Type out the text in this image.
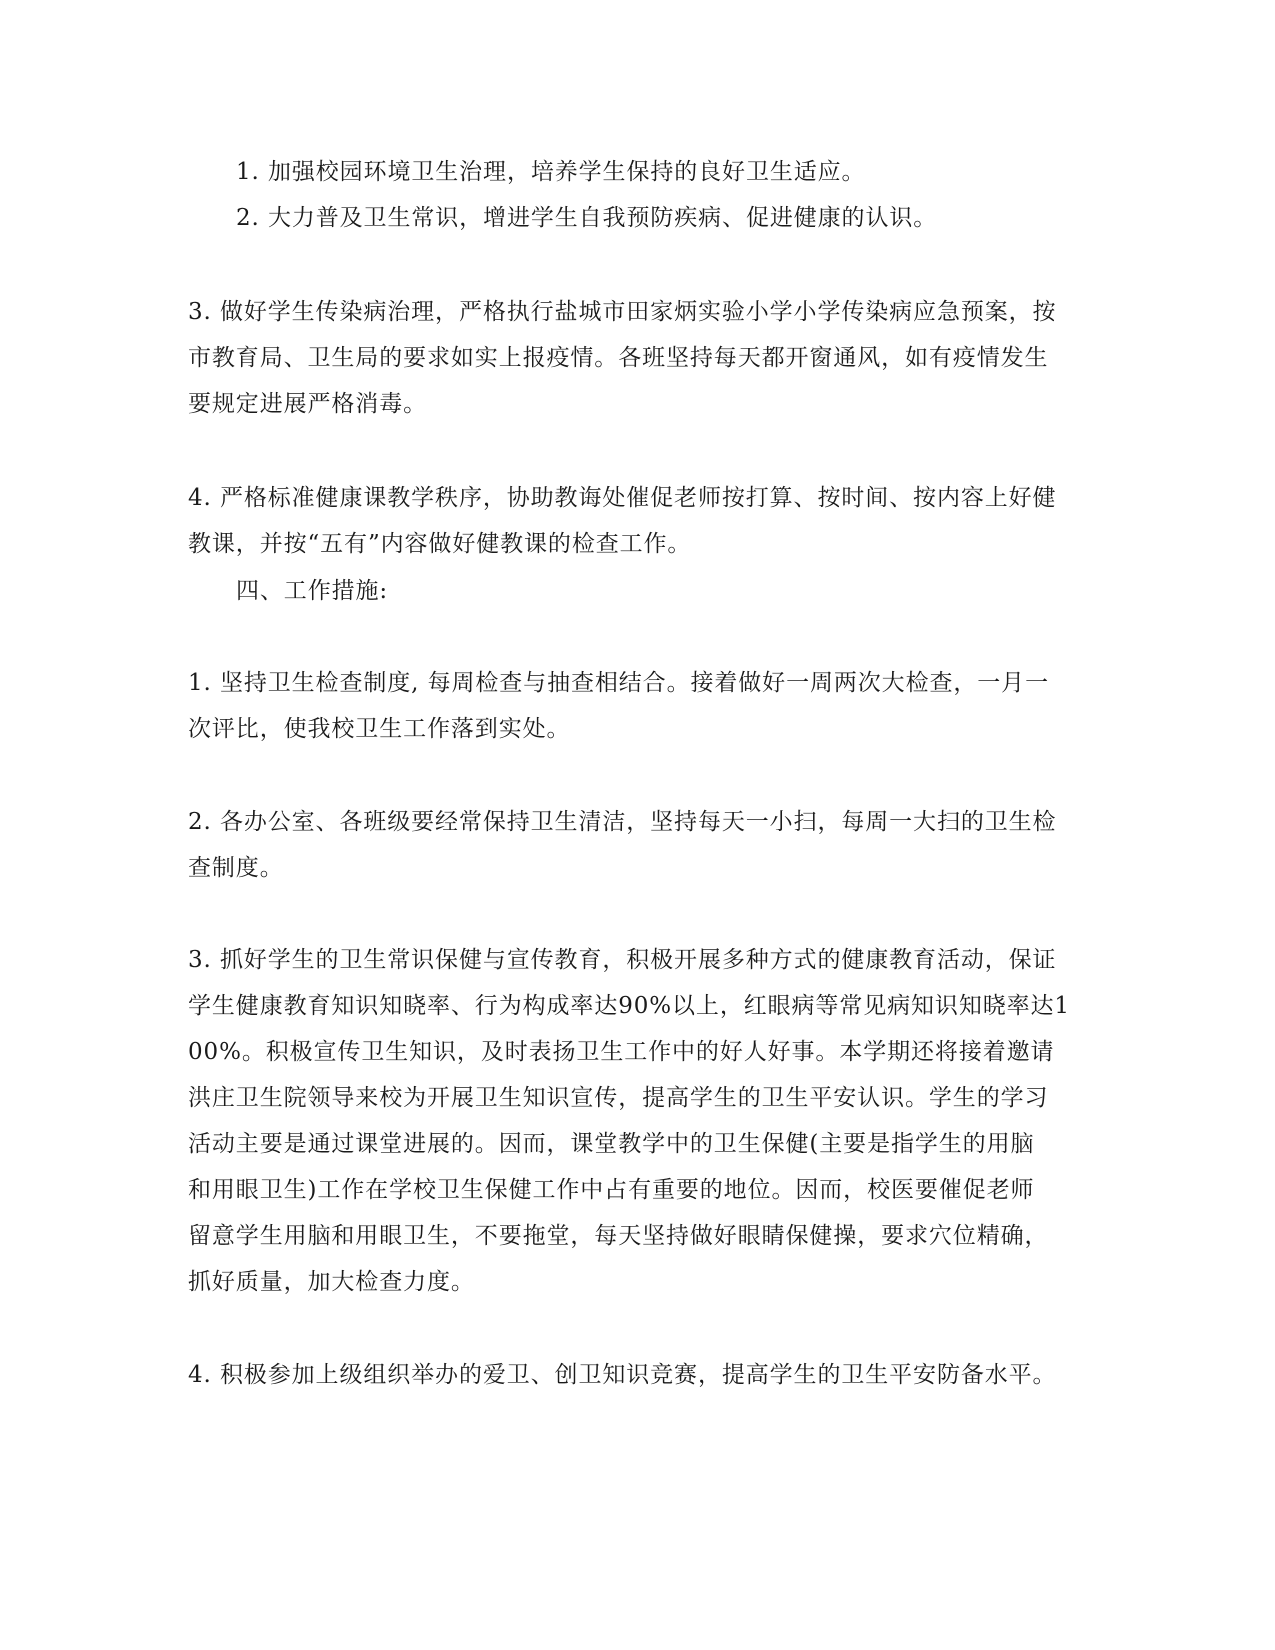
1. 加强校园环境卫生治理，培养学生保持的良好卫生适应。
2. 大力普及卫生常识，增进学生自我预防疾病、促进健康的认识。
3. 做好学生传染病治理，严格执行盐城市田家炳实验小学小学传染病应急预案，按
市教育局、卫生局的要求如实上报疫情。各班坚持每天都开窗通风，如有疫情发生
要规定进展严格消毒。
4. 严格标准健康课教学秩序，协助教诲处催促老师按打算、按时间、按内容上好健
教课，并按“五有”内容做好健教课的检查工作。
四、工作措施:
1. 坚持卫生检查制度, 每周检查与抽查相结合。接着做好一周两次大检查，一月一
次评比，使我校卫生工作落到实处。
2. 各办公室、各班级要经常保持卫生清洁，坚持每天一小扫，每周一大扫的卫生检
查制度。
3. 抓好学生的卫生常识保健与宣传教育，积极开展多种方式的健康教育活动，保证
学生健康教育知识知晓率、行为构成率达90%以上，红眼病等常见病知识知晓率达1
00%。积极宣传卫生知识，及时表扬卫生工作中的好人好事。本学期还将接着邀请
洪庄卫生院领导来校为开展卫生知识宣传，提高学生的卫生平安认识。学生的学习
活动主要是通过课堂进展的。因而，课堂教学中的卫生保健(主要是指学生的用脑
和用眼卫生)工作在学校卫生保健工作中占有重要的地位。因而，校医要催促老师
留意学生用脑和用眼卫生，不要拖堂，每天坚持做好眼睛保健操，要求穴位精确，
抓好质量，加大检查力度。
4. 积极参加上级组织举办的爱卫、创卫知识竞赛，提高学生的卫生平安防备水平。
